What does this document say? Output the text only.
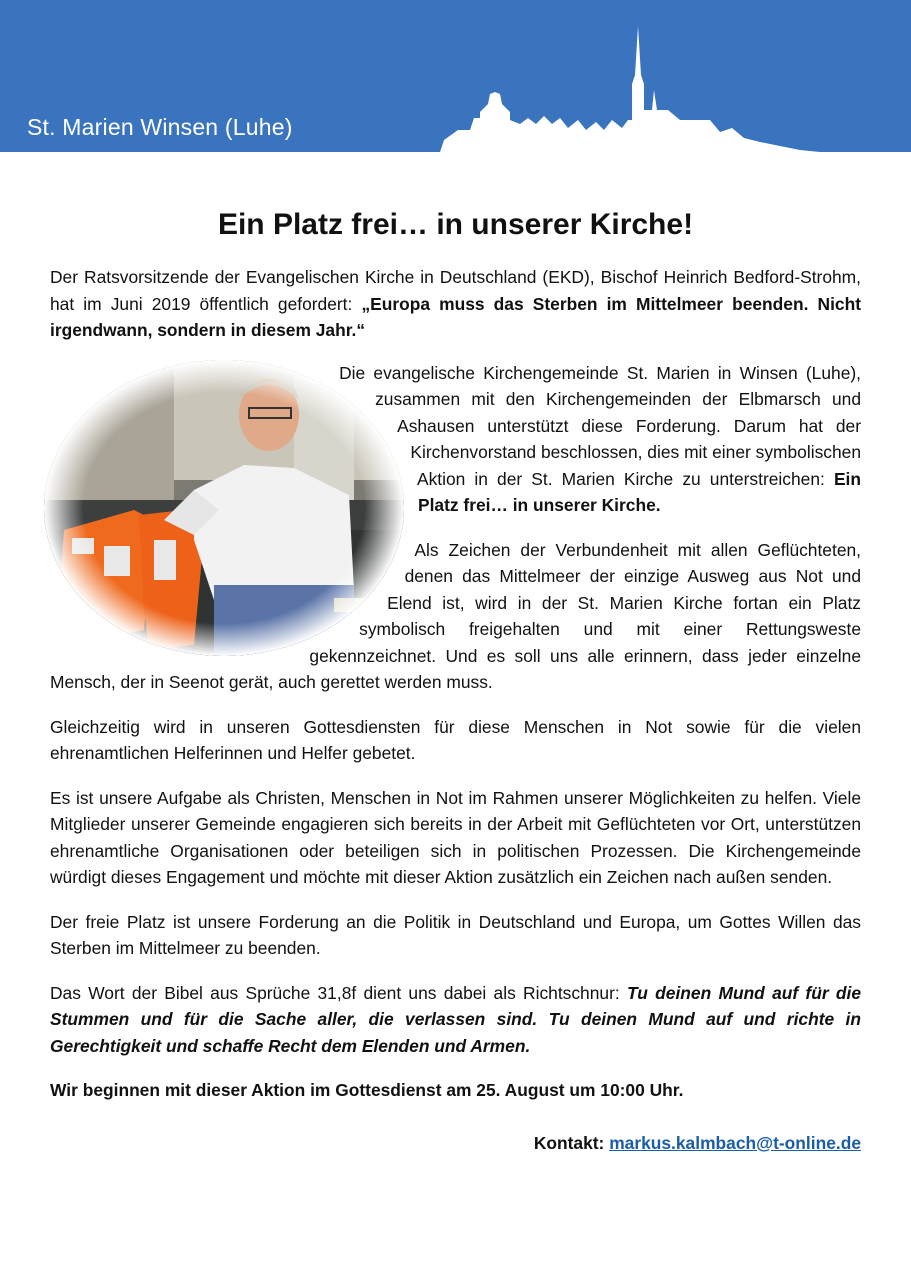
St. Marien Winsen (Luhe)
Ein Platz frei… in unserer Kirche!

Der Ratsvorsitzende der Evangelischen Kirche in Deutschland (EKD), Bischof Heinrich Bedford-Strohm, hat im Juni 2019 öffentlich gefordert: „Europa muss das Sterben im Mittelmeer beenden. Nicht irgendwann, sondern in diesem Jahr.“

Die evangelische Kirchengemeinde St. Marien in Winsen (Luhe), zusammen mit den Kirchengemeinden der Elbmarsch und Ashausen unterstützt diese Forderung. Darum hat der Kirchenvorstand beschlossen, dies mit einer symbolischen Aktion in der St. Marien Kirche zu unterstreichen: Ein Platz frei… in unserer Kirche.

Als Zeichen der Verbundenheit mit allen Geflüchteten, denen das Mittelmeer der einzige Ausweg aus Not und Elend ist, wird in der St. Marien Kirche fortan ein Platz symbolisch freigehalten und mit einer Rettungsweste gekennzeichnet. Und es soll uns alle erinnern, dass jeder einzelne Mensch, der in Seenot gerät, auch gerettet werden muss.

Gleichzeitig wird in unseren Gottesdiensten für diese Menschen in Not sowie für die vielen ehrenamtlichen Helferinnen und Helfer gebetet.

Es ist unsere Aufgabe als Christen, Menschen in Not im Rahmen unserer Möglichkeiten zu helfen. Viele Mitglieder unserer Gemeinde engagieren sich bereits in der Arbeit mit Geflüchteten vor Ort, unterstützen ehrenamtliche Organisationen oder beteiligen sich in politischen Prozessen. Die Kirchengemeinde würdigt dieses Engagement und möchte mit dieser Aktion zusätzlich ein Zeichen nach außen senden.

Der freie Platz ist unsere Forderung an die Politik in Deutschland und Europa, um Gottes Willen das Sterben im Mittelmeer zu beenden.

Das Wort der Bibel aus Sprüche 31,8f dient uns dabei als Richtschnur: Tu deinen Mund auf für die Stummen und für die Sache aller, die verlassen sind. Tu deinen Mund auf und richte in Gerechtigkeit und schaffe Recht dem Elenden und Armen.

Wir beginnen mit dieser Aktion im Gottesdienst am 25. August um 10:00 Uhr.

Kontakt: markus.kalmbach@t-online.de
